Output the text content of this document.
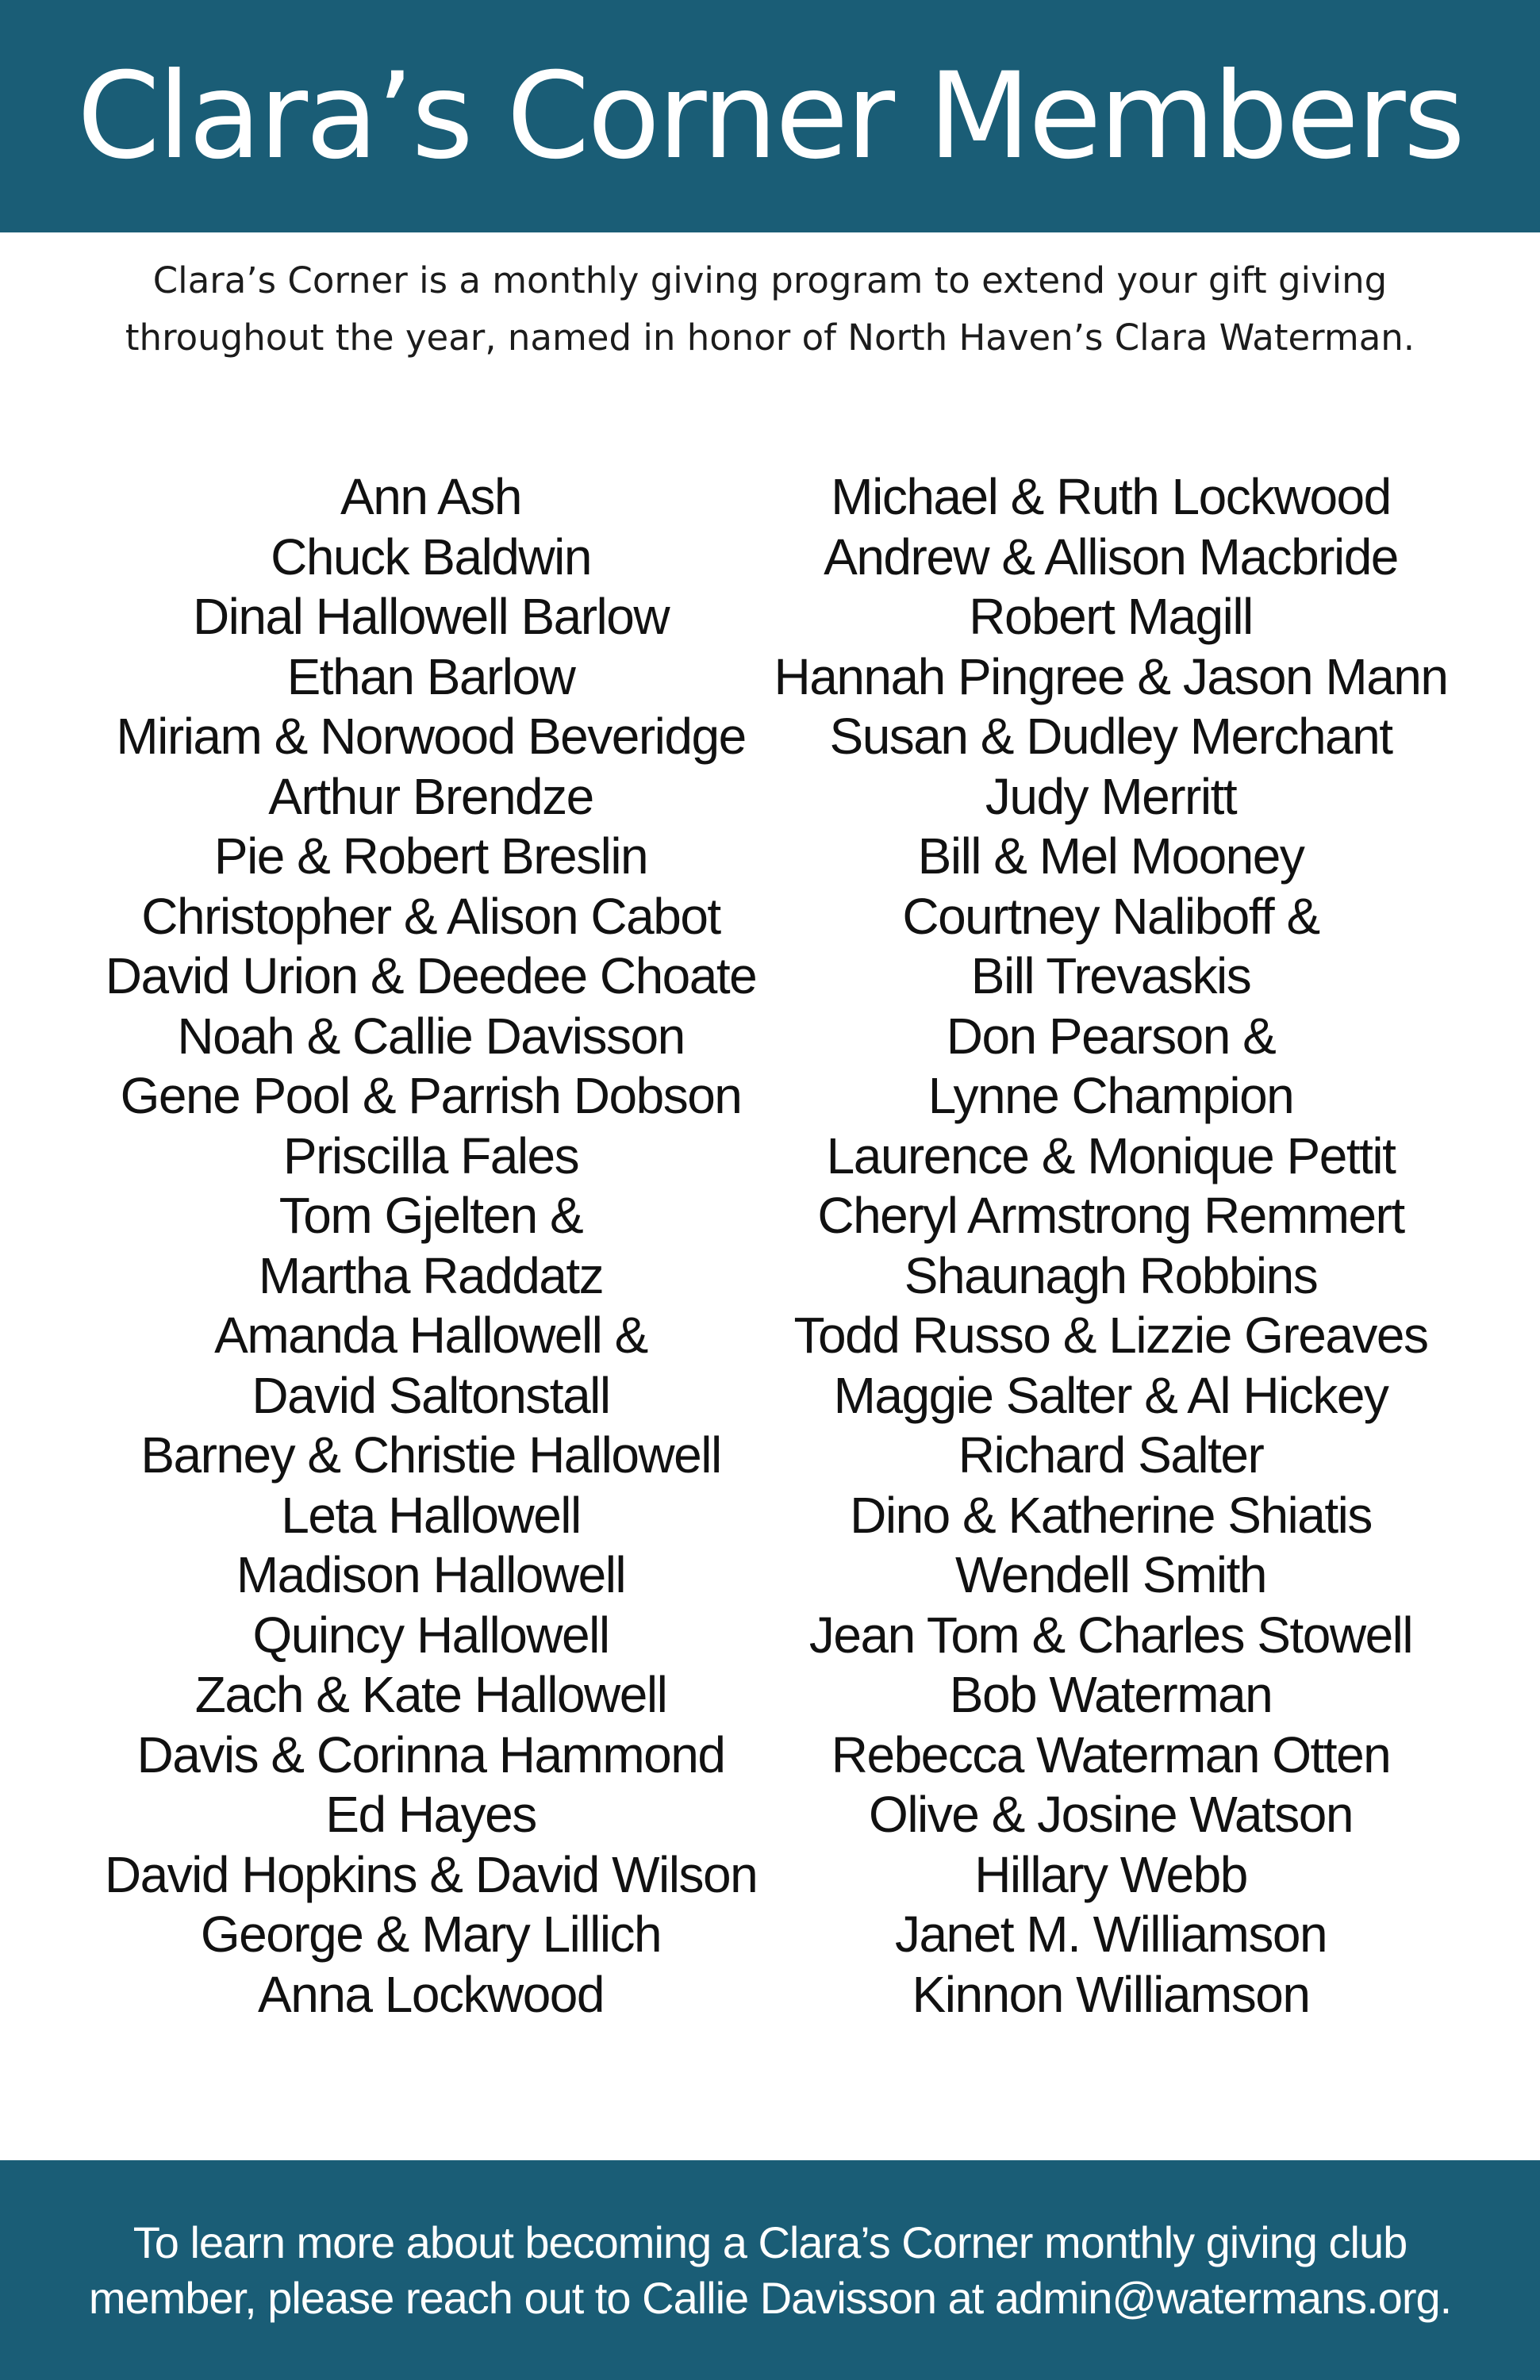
Clara’s Corner Members
Clara’s Corner is a monthly giving program to extend your gift giving throughout the year, named in honor of North Haven’s Clara Waterman.
Ann Ash
Chuck Baldwin
Dinal Hallowell Barlow
Ethan Barlow
Miriam & Norwood Beveridge
Arthur Brendze
Pie & Robert Breslin
Christopher & Alison Cabot
David Urion & Deedee Choate
Noah & Callie Davisson
Gene Pool & Parrish Dobson
Priscilla Fales
Tom Gjelten &
Martha Raddatz
Amanda Hallowell &
David Saltonstall
Barney & Christie Hallowell
Leta Hallowell
Madison Hallowell
Quincy Hallowell
Zach & Kate Hallowell
Davis & Corinna Hammond
Ed Hayes
David Hopkins & David Wilson
George & Mary Lillich
Anna Lockwood
Michael & Ruth Lockwood
Andrew & Allison Macbride
Robert Magill
Hannah Pingree & Jason Mann
Susan & Dudley Merchant
Judy Merritt
Bill & Mel Mooney
Courtney Naliboff &
Bill Trevaskis
Don Pearson &
Lynne Champion
Laurence & Monique Pettit
Cheryl Armstrong Remmert
Shaunagh Robbins
Todd Russo & Lizzie Greaves
Maggie Salter & Al Hickey
Richard Salter
Dino & Katherine Shiatis
Wendell Smith
Jean Tom & Charles Stowell
Bob Waterman
Rebecca Waterman Otten
Olive & Josine Watson
Hillary Webb
Janet M. Williamson
Kinnon Williamson
To learn more about becoming a Clara’s Corner monthly giving club
member, please reach out to Callie Davisson at admin@watermans.org.
